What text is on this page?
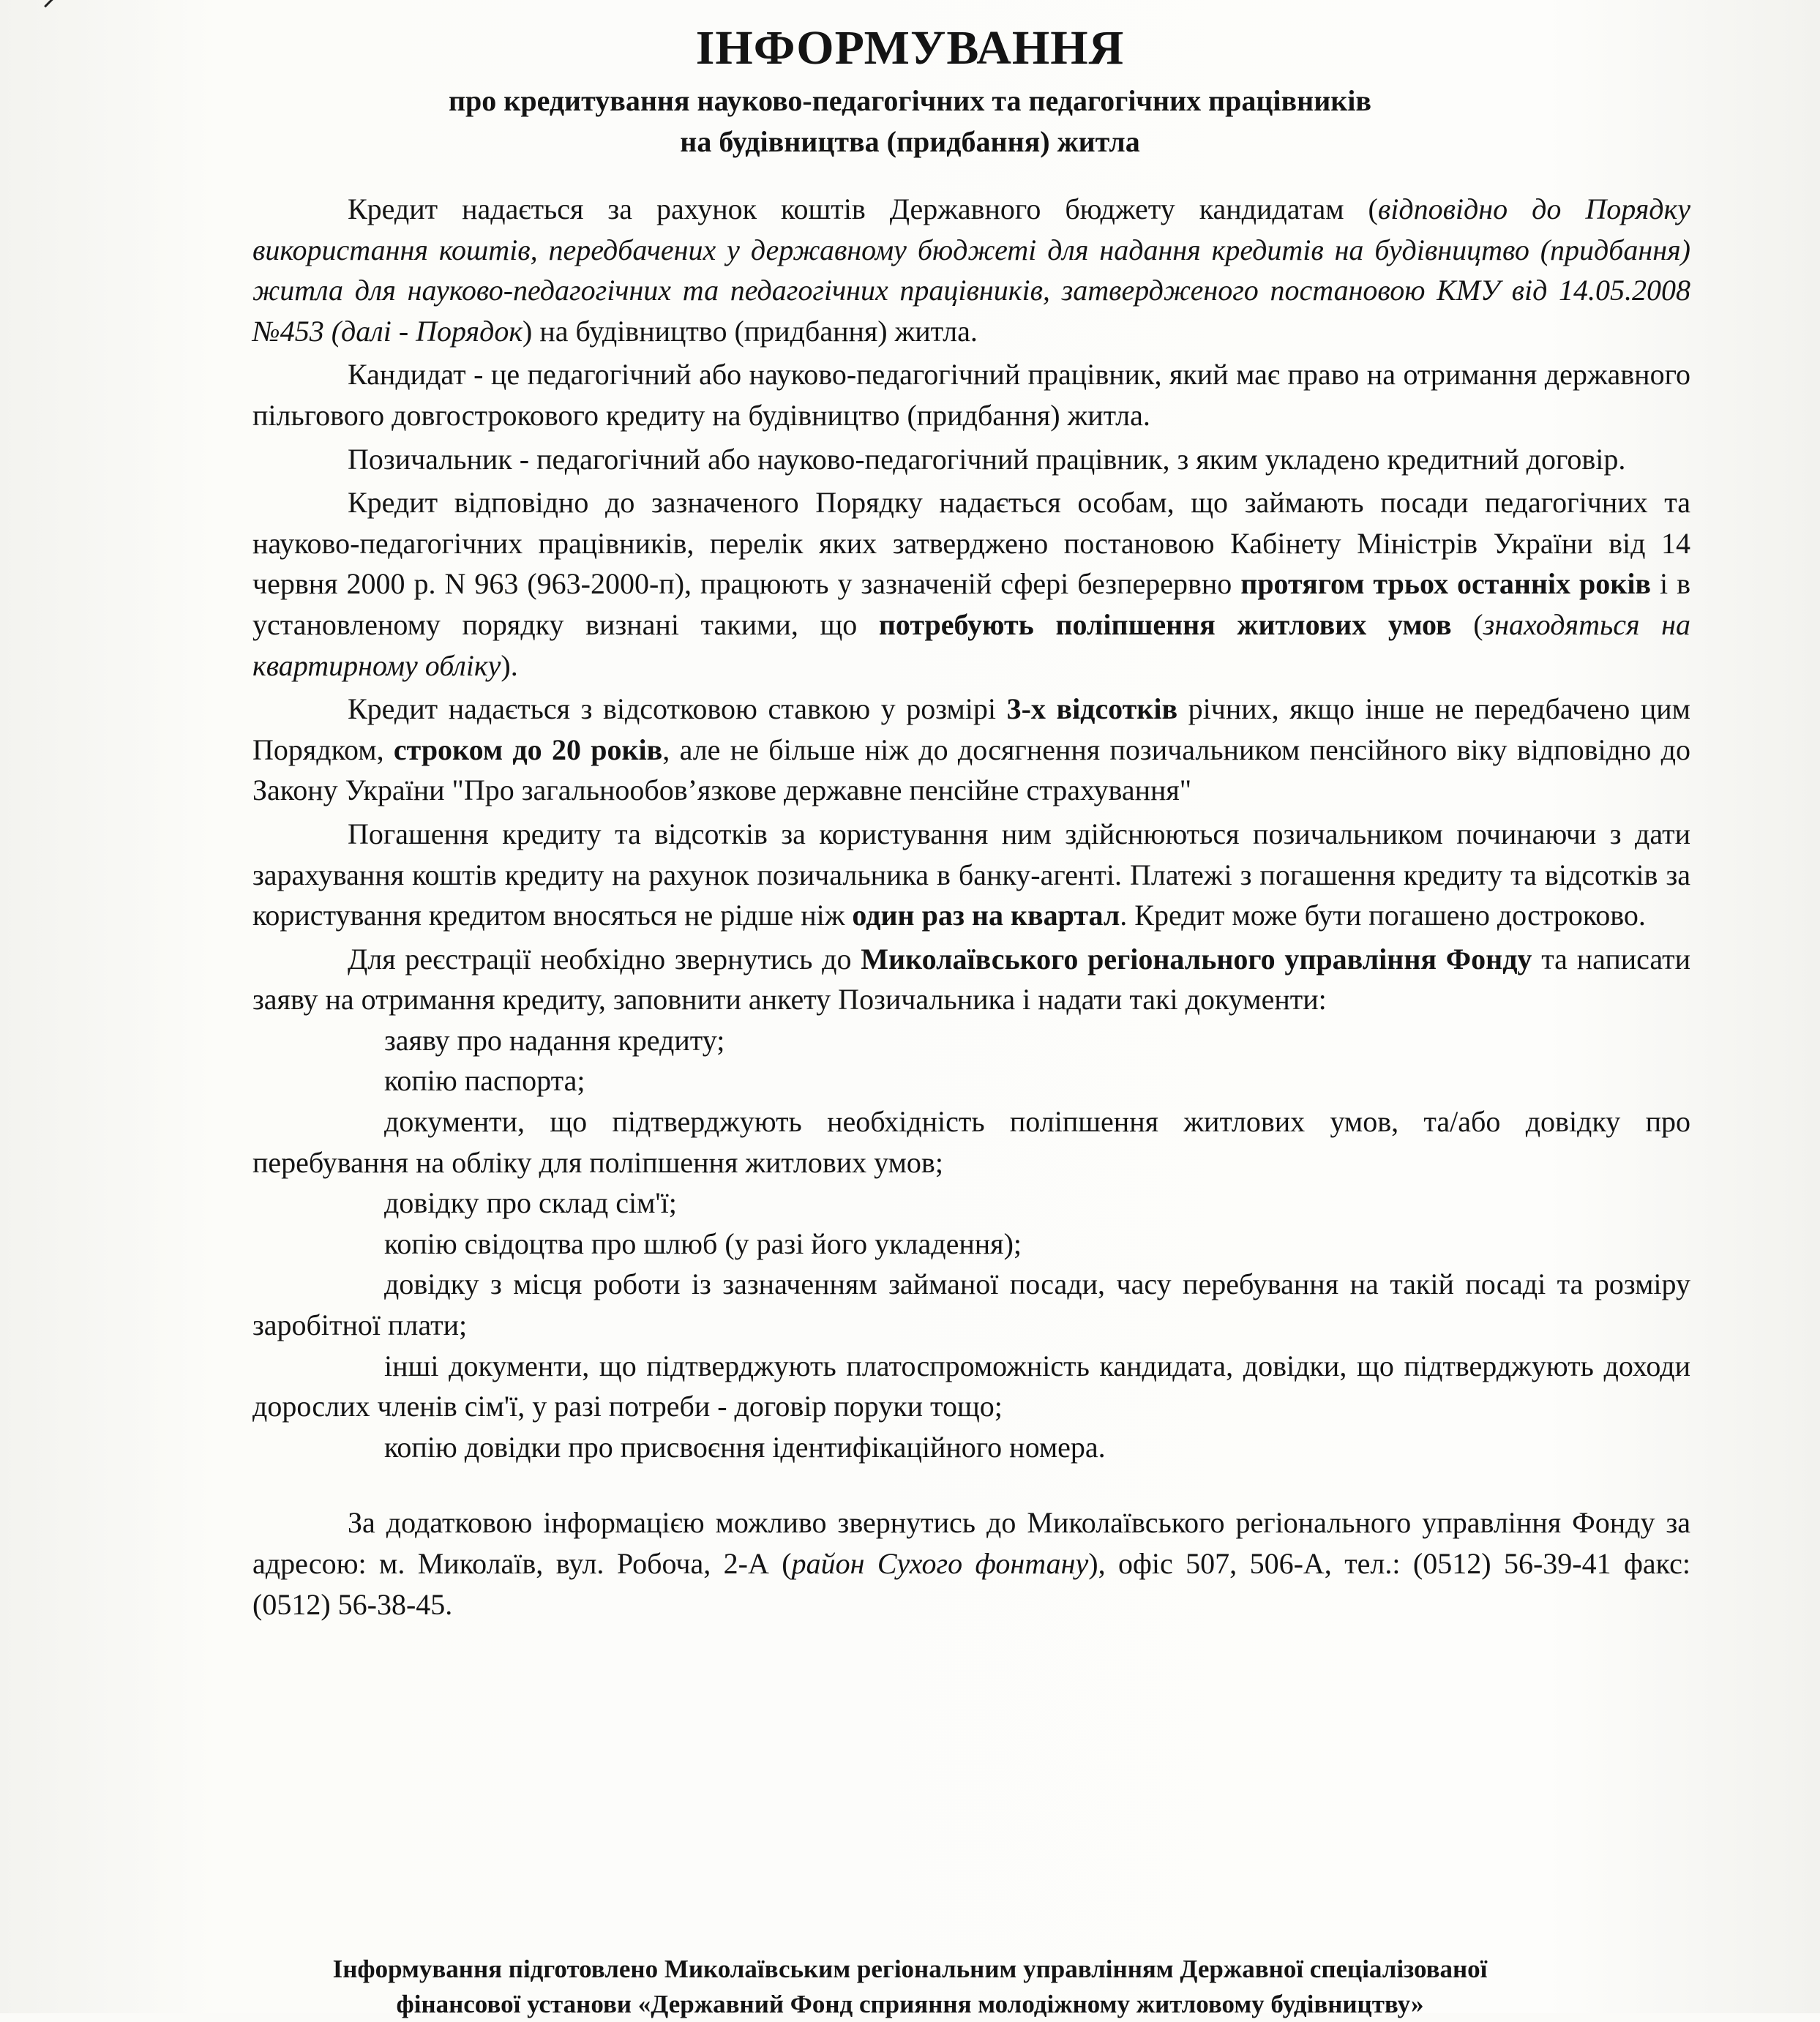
ІНФОРМУВАННЯ
про кредитування науково-педагогічних та педагогічних працівників
на будівництва (придбання) житла

Кредит надається за рахунок коштів Державного бюджету кандидатам (відповідно до Порядку використання коштів, передбачених у державному бюджеті для надання кредитів на будівництво (придбання) житла для науково-педагогічних та педагогічних працівників, затвердженого постановою КМУ від 14.05.2008 №453 (далі - Порядок) на будівництво (придбання) житла.

Кандидат - це педагогічний або науково-педагогічний працівник, який має право на отримання державного пільгового довгострокового кредиту на будівництво (придбання) житла.

Позичальник - педагогічний або науково-педагогічний працівник, з яким укладено кредитний договір.

Кредит відповідно до зазначеного Порядку надається особам, що займають посади педагогічних та науково-педагогічних працівників, перелік яких затверджено постановою Кабінету Міністрів України від 14 червня 2000 р. N 963 (963-2000-п), працюють у зазначеній сфері безперервно протягом трьох останніх років і в установленому порядку визнані такими, що потребують поліпшення житлових умов (знаходяться на квартирному обліку).

Кредит надається з відсотковою ставкою у розмірі 3-х відсотків річних, якщо інше не передбачено цим Порядком, строком до 20 років, але не більше ніж до досягнення позичальником пенсійного віку відповідно до Закону України "Про загальнообов’язкове державне пенсійне страхування"

Погашення кредиту та відсотків за користування ним здійснюються позичальником починаючи з дати зарахування коштів кредиту на рахунок позичальника в банку-агенті. Платежі з погашення кредиту та відсотків за користування кредитом вносяться не рідше ніж один раз на квартал. Кредит може бути погашено достроково.

Для реєстрації необхідно звернутись до Миколаївського регіонального управління Фонду та написати заяву на отримання кредиту, заповнити анкету Позичальника і надати такі документи:

заяву про надання кредиту;

копію паспорта;

документи, що підтверджують необхідність поліпшення житлових умов, та/або довідку про перебування на обліку для поліпшення житлових умов;

довідку про склад сім'ї;

копію свідоцтва про шлюб (у разі його укладення);

довідку з місця роботи із зазначенням займаної посади, часу перебування на такій посаді та розміру заробітної плати;

інші документи, що підтверджують платоспроможність кандидата, довідки, що підтверджують доходи дорослих членів сім'ї, у разі потреби - договір поруки тощо;

копію довідки про присвоєння ідентифікаційного номера.

За додатковою інформацією можливо звернутись до Миколаївського регіонального управління Фонду за адресою: м. Миколаїв, вул. Робоча, 2-А (район Сухого фонтану), офіс 507, 506-А, тел.: (0512) 56-39-41 факс: (0512) 56-38-45.

Інформування підготовлено Миколаївським регіональним управлінням Державної спеціалізованої
фінансової установи «Державний Фонд сприяння молодіжному житловому будівництву»
